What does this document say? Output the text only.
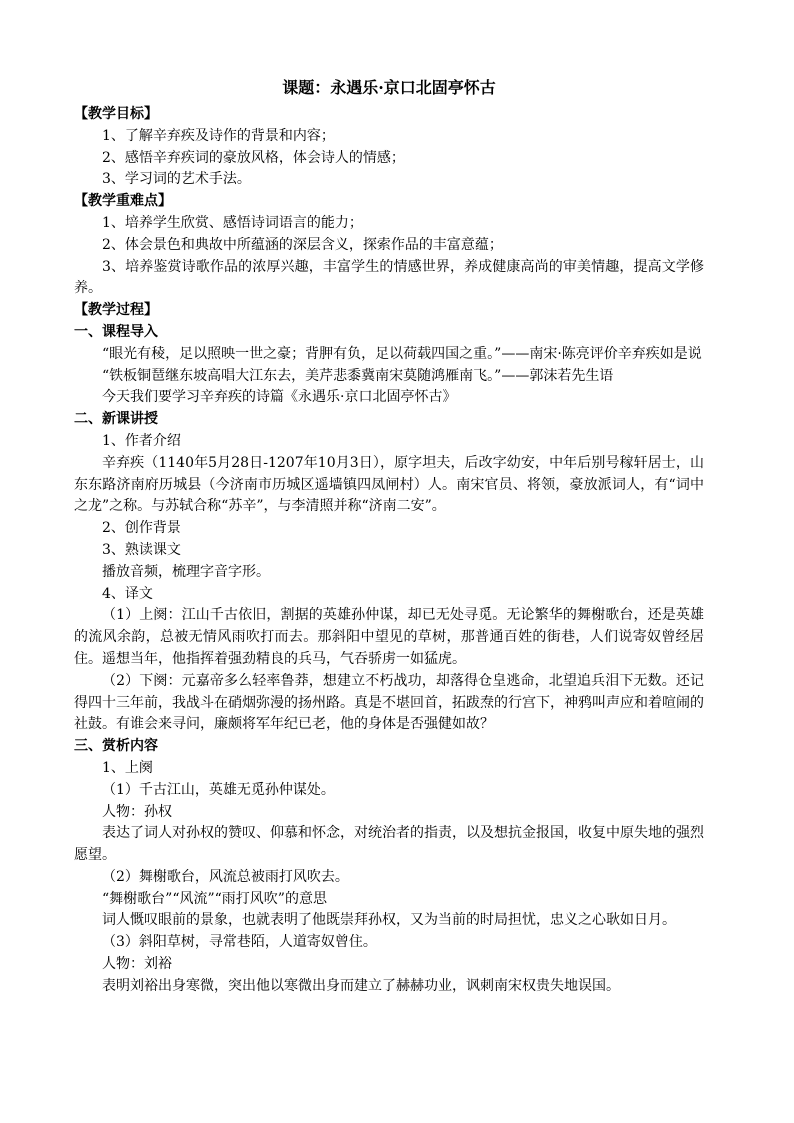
课题：永遇乐·京口北固亭怀古

【教学目标】

1、了解辛弃疾及诗作的背景和内容；

2、感悟辛弃疾词的豪放风格，体会诗人的情感；

3、学习词的艺术手法。

【教学重难点】

1、培养学生欣赏、感悟诗词语言的能力；

2、体会景色和典故中所蕴涵的深层含义，探索作品的丰富意蕴；

3、培养鉴赏诗歌作品的浓厚兴趣，丰富学生的情感世界，养成健康高尚的审美情趣，提高文学修养。

【教学过程】

一、课程导入

“眼光有稜，足以照映一世之豪；背胛有负，足以荷载四国之重。”——南宋·陈亮评价辛弃疾如是说

“铁板铜琶继东坡高唱大江东去，美芹悲黍冀南宋莫随鸿雁南飞。”——郭沫若先生语

今天我们要学习辛弃疾的诗篇《永遇乐·京口北固亭怀古》

二、新课讲授

1、作者介绍

辛弃疾（1140年5月28日-1207年10月3日），原字坦夫，后改字幼安，中年后别号稼轩居士，山东东路济南府历城县（今济南市历城区遥墙镇四凤闸村）人。南宋官员、将领，豪放派词人，有“词中之龙”之称。与苏轼合称“苏辛”，与李清照并称“济南二安”。

2、创作背景

3、熟读课文

播放音频，梳理字音字形。

4、译文

（1）上阕：江山千古依旧，割据的英雄孙仲谋，却已无处寻觅。无论繁华的舞榭歌台，还是英雄的流风余韵，总被无情风雨吹打而去。那斜阳中望见的草树，那普通百姓的街巷，人们说寄奴曾经居住。遥想当年，他指挥着强劲精良的兵马，气吞骄虏一如猛虎。

（2）下阕：元嘉帝多么轻率鲁莽，想建立不朽战功，却落得仓皇逃命，北望追兵泪下无数。还记得四十三年前，我战斗在硝烟弥漫的扬州路。真是不堪回首，拓跋焘的行宫下，神鸦叫声应和着喧闹的社鼓。有谁会来寻问，廉颇将军年纪已老，他的身体是否强健如故？

三、赏析内容

1、上阕

（1）千古江山，英雄无觅孙仲谋处。

人物：孙权

表达了词人对孙权的赞叹、仰慕和怀念，对统治者的指责，以及想抗金报国，收复中原失地的强烈愿望。

（2）舞榭歌台，风流总被雨打风吹去。

“舞榭歌台”“风流”“雨打风吹”的意思

词人慨叹眼前的景象，也就表明了他既崇拜孙权，又为当前的时局担忧，忠义之心耿如日月。

（3）斜阳草树，寻常巷陌，人道寄奴曾住。

人物：刘裕

表明刘裕出身寒微，突出他以寒微出身而建立了赫赫功业，讽刺南宋权贵失地误国。
